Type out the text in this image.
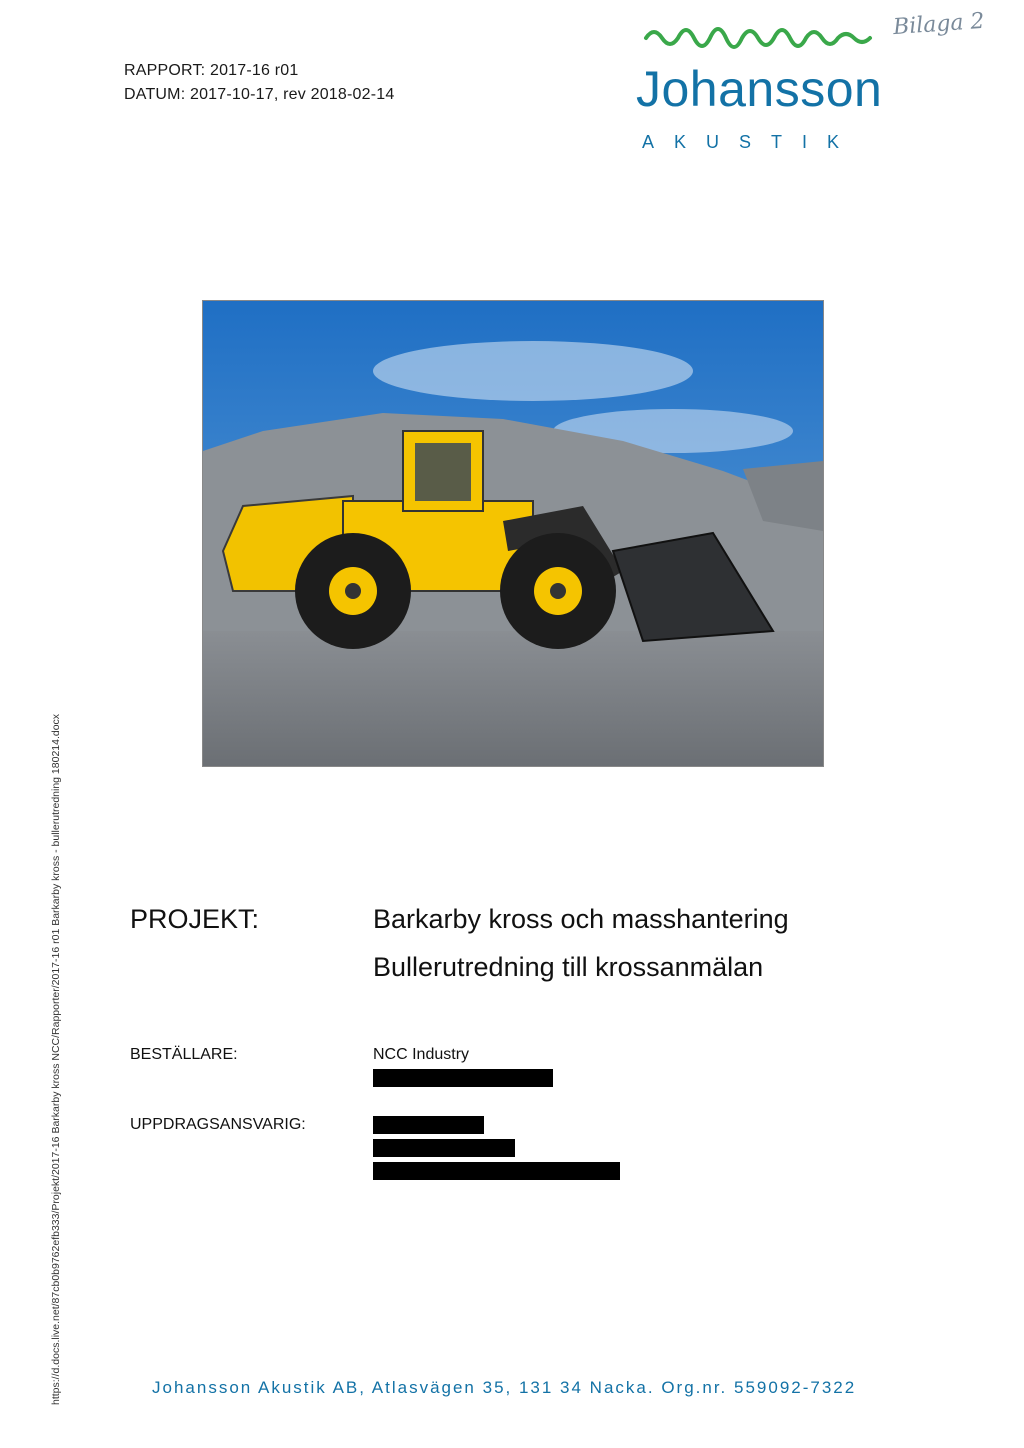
RAPPORT: 2017-16 r01
DATUM: 2017-10-17, rev 2018-02-14	Johansson
AKUSTIK
Bilaga 2
https://d.docs.live.net/87cb0b9762efb333/Projekt/2017-16 Barkarby kross NCC/Rapporter/2017-16 r01 Barkarby kross - bullerutredning 180214.docx	PROJEKT:	Barkarby kross och masshantering
Bullerutredning till krossanmälan
BESTÄLLARE:	NCC Industry
UPPDRAGSANSVARIG:
Johansson Akustik AB, Atlasvägen 35, 131 34 Nacka. Org.nr. 559092-7322
